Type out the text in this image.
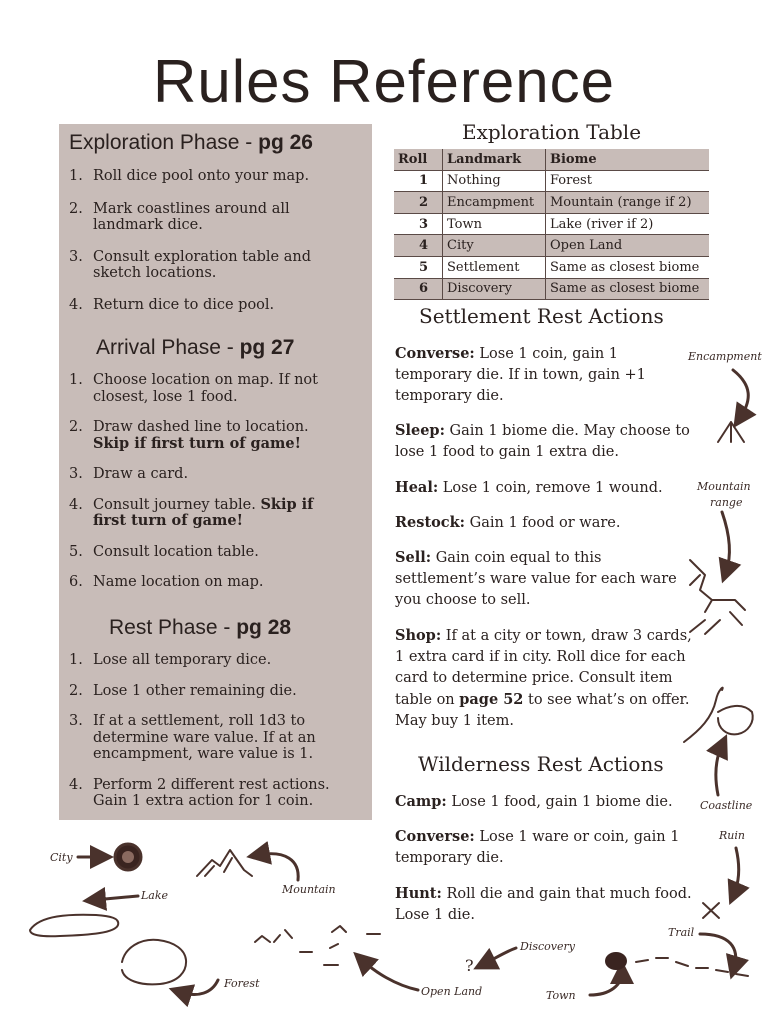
Rules Reference
Exploration Phase - pg 26
1. Roll dice pool onto your map.
2. Mark coastlines around all
landmark dice.
3. Consult exploration table and
sketch locations.
4. Return dice to dice pool.
Arrival Phase - pg 27
1. Choose location on map. If not
closest, lose 1 food.
2. Draw dashed line to location.
Skip if first turn of game!
3. Draw a card.
4. Consult journey table. Skip if
first turn of game!
5. Consult location table.
6. Name location on map.
Rest Phase - pg 28
1. Lose all temporary dice.
2. Lose 1 other remaining die.
3. If at a settlement, roll 1d3 to
determine ware value. If at an
encampment, ware value is 1.
4. Perform 2 different rest actions.
Gain 1 extra action for 1 coin.
Exploration Table
Roll	Landmark	Biome
1	Nothing	Forest
2	Encampment	Mountain (range if 2)
3	Town	Lake (river if 2)
4	City	Open Land
5	Settlement	Same as closest biome
6	Discovery	Same as closest biome
Settlement Rest Actions
Converse: Lose 1 coin, gain 1 temporary die. If in town, gain +1 temporary die.
Sleep: Gain 1 biome die. May choose to lose 1 food to gain 1 extra die.
Heal: Lose 1 coin, remove 1 wound.
Restock: Gain 1 food or ware.
Sell: Gain coin equal to this settlement’s ware value for each ware you choose to sell.
Shop: If at a city or town, draw 3 cards, 1 extra card if in city. Roll dice for each card to determine price. Consult item table on page 52 to see what’s on offer. May buy 1 item.
Wilderness Rest Actions
Camp: Lose 1 food, gain 1 biome die.
Converse: Lose 1 ware or coin, gain 1 temporary die.
Hunt: Roll die and gain that much food. Lose 1 die.
Encampment
Mountain
range
Coastline
Ruin
Trail
City
Mountain
Lake
Forest
Open Land
Discovery
?
Town
